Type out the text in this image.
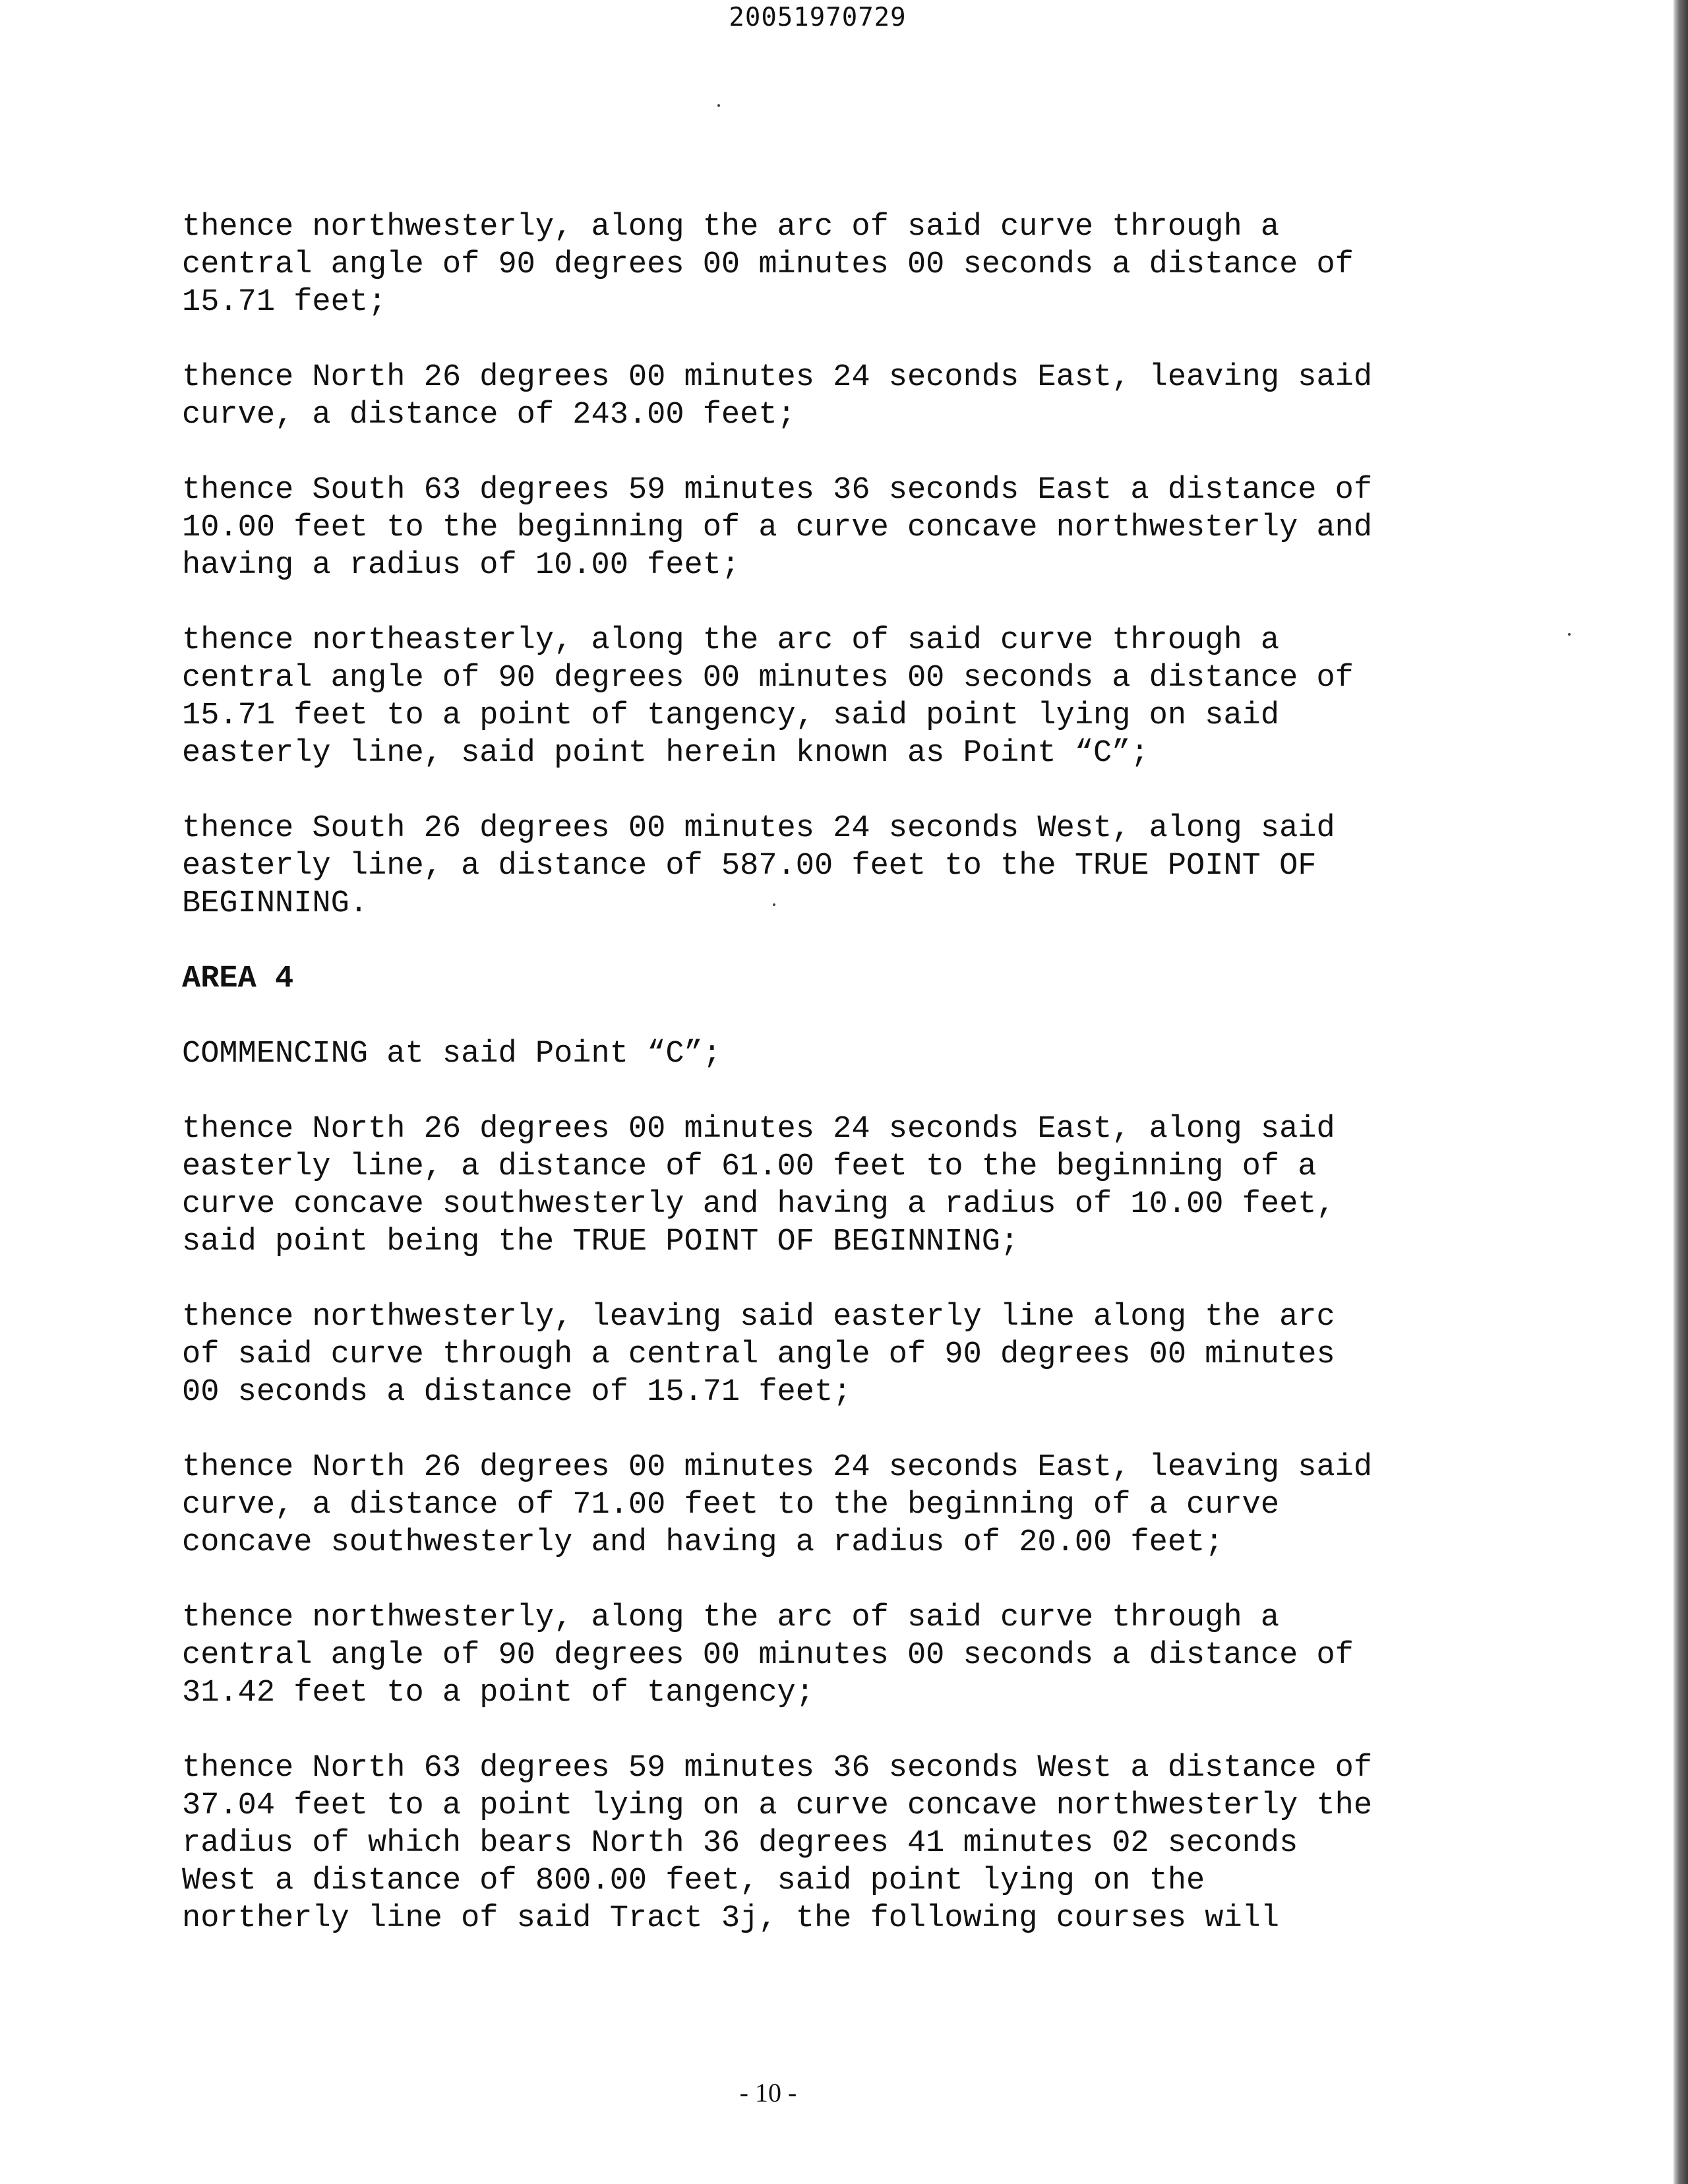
20051970729

thence northwesterly, along the arc of said curve through a
central angle of 90 degrees 00 minutes 00 seconds a distance of
15.71 feet;

thence North 26 degrees 00 minutes 24 seconds East, leaving said
curve, a distance of 243.00 feet;

thence South 63 degrees 59 minutes 36 seconds East a distance of
10.00 feet to the beginning of a curve concave northwesterly and
having a radius of 10.00 feet;

thence northeasterly, along the arc of said curve through a
central angle of 90 degrees 00 minutes 00 seconds a distance of
15.71 feet to a point of tangency, said point lying on said
easterly line, said point herein known as Point “C”;

thence South 26 degrees 00 minutes 24 seconds West, along said
easterly line, a distance of 587.00 feet to the TRUE POINT OF
BEGINNING.

AREA 4

COMMENCING at said Point “C”;

thence North 26 degrees 00 minutes 24 seconds East, along said
easterly line, a distance of 61.00 feet to the beginning of a
curve concave southwesterly and having a radius of 10.00 feet,
said point being the TRUE POINT OF BEGINNING;

thence northwesterly, leaving said easterly line along the arc
of said curve through a central angle of 90 degrees 00 minutes
00 seconds a distance of 15.71 feet;

thence North 26 degrees 00 minutes 24 seconds East, leaving said
curve, a distance of 71.00 feet to the beginning of a curve
concave southwesterly and having a radius of 20.00 feet;

thence northwesterly, along the arc of said curve through a
central angle of 90 degrees 00 minutes 00 seconds a distance of
31.42 feet to a point of tangency;

thence North 63 degrees 59 minutes 36 seconds West a distance of
37.04 feet to a point lying on a curve concave northwesterly the
radius of which bears North 36 degrees 41 minutes 02 seconds
West a distance of 800.00 feet, said point lying on the
northerly line of said Tract 3j, the following courses will

- 10 -
